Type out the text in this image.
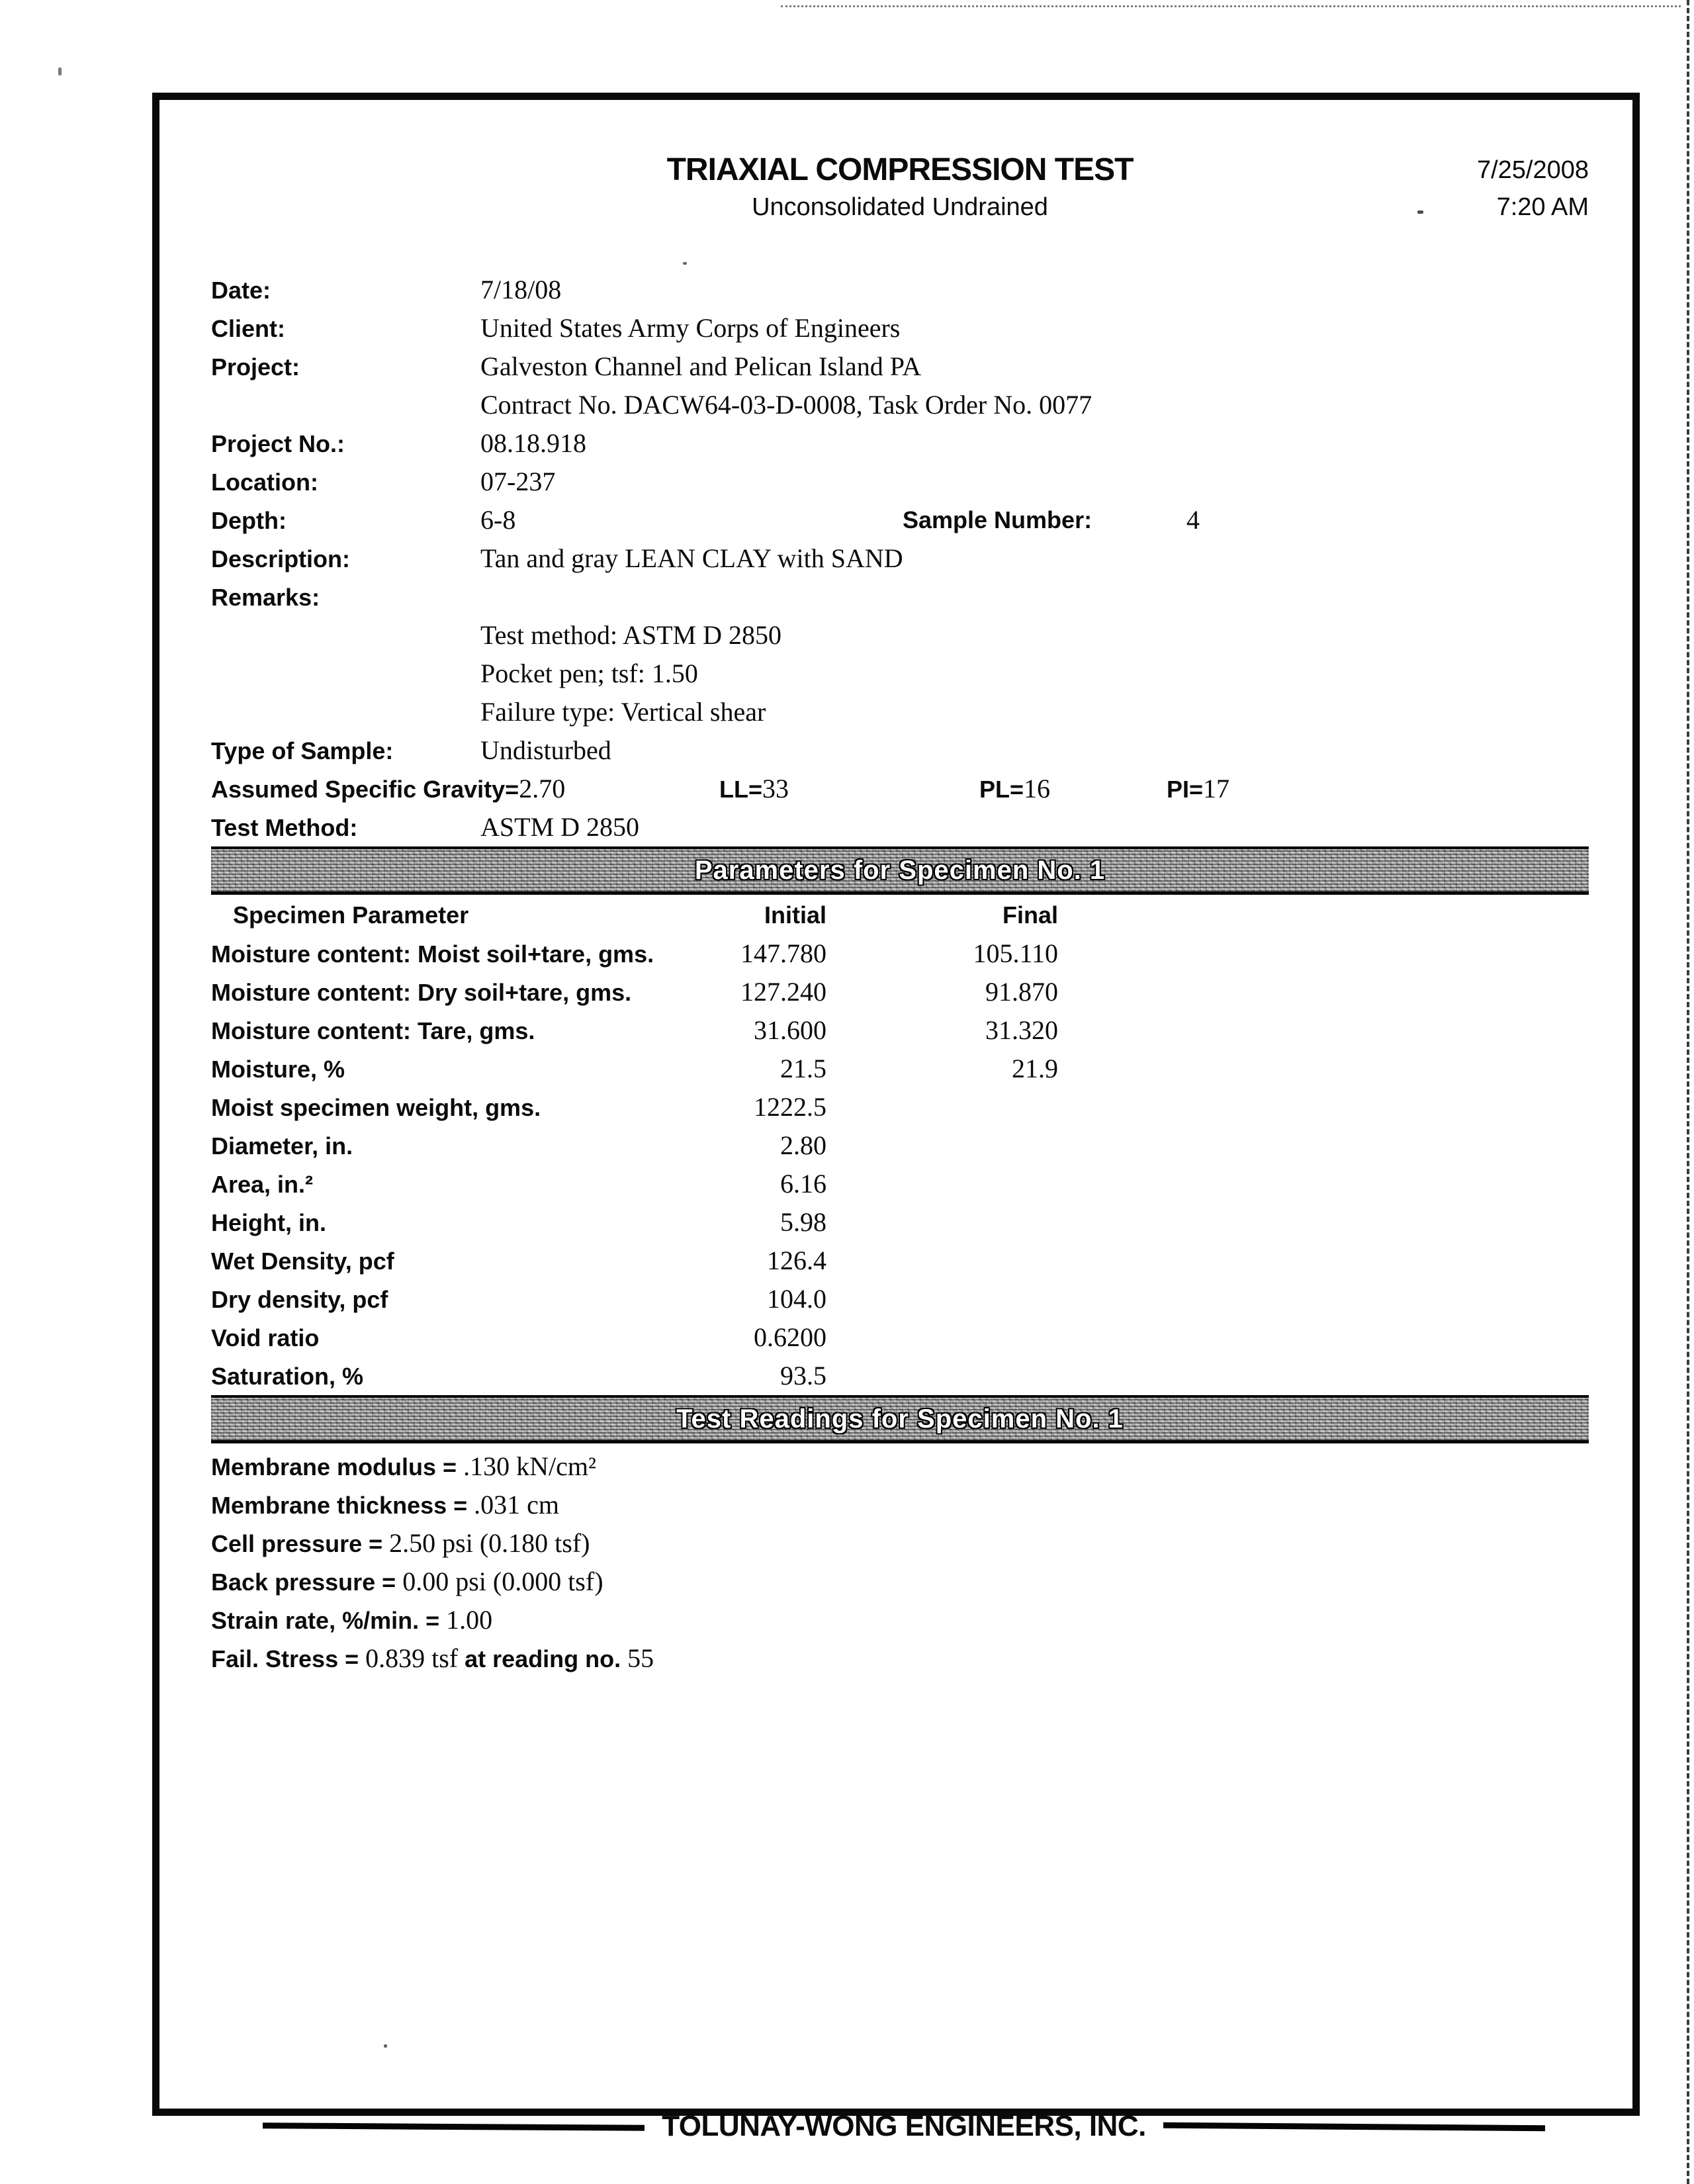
TRIAXIAL COMPRESSION TEST
Unconsolidated Undrained
7/25/2008
7:20 AM
Date:	7/18/08
Client:	United States Army Corps of Engineers
Project:	Galveston Channel and Pelican Island PA
Contract No. DACW64-03-D-0008, Task Order No. 0077
Project No.:	08.18.918
Location:	07-237
Depth:	6-8	Sample Number:	4
Description:	Tan and gray LEAN CLAY with SAND
Remarks:
Test method: ASTM D 2850
Pocket pen; tsf: 1.50
Failure type: Vertical shear
Type of Sample:	Undisturbed
Assumed Specific Gravity=2.70	LL=33	PL=16	PI=17
Test Method:	ASTM D 2850
Parameters for Specimen No. 1
Specimen Parameter	Initial	Final
Moisture content: Moist soil+tare, gms.	147.780	105.110
Moisture content: Dry soil+tare, gms.	127.240	91.870
Moisture content: Tare, gms.	31.600	31.320
Moisture, %	21.5	21.9
Moist specimen weight, gms.	1222.5
Diameter, in.	2.80
Area, in.²	6.16
Height, in.	5.98
Wet Density, pcf	126.4
Dry density, pcf	104.0
Void ratio	0.6200
Saturation, %	93.5
Test Readings for Specimen No. 1
Membrane modulus = .130 kN/cm²
Membrane thickness = .031 cm
Cell pressure = 2.50 psi (0.180 tsf)
Back pressure = 0.00 psi (0.000 tsf)
Strain rate, %/min. = 1.00
Fail. Stress = 0.839 tsf at reading no. 55
TOLUNAY-WONG ENGINEERS, INC.
